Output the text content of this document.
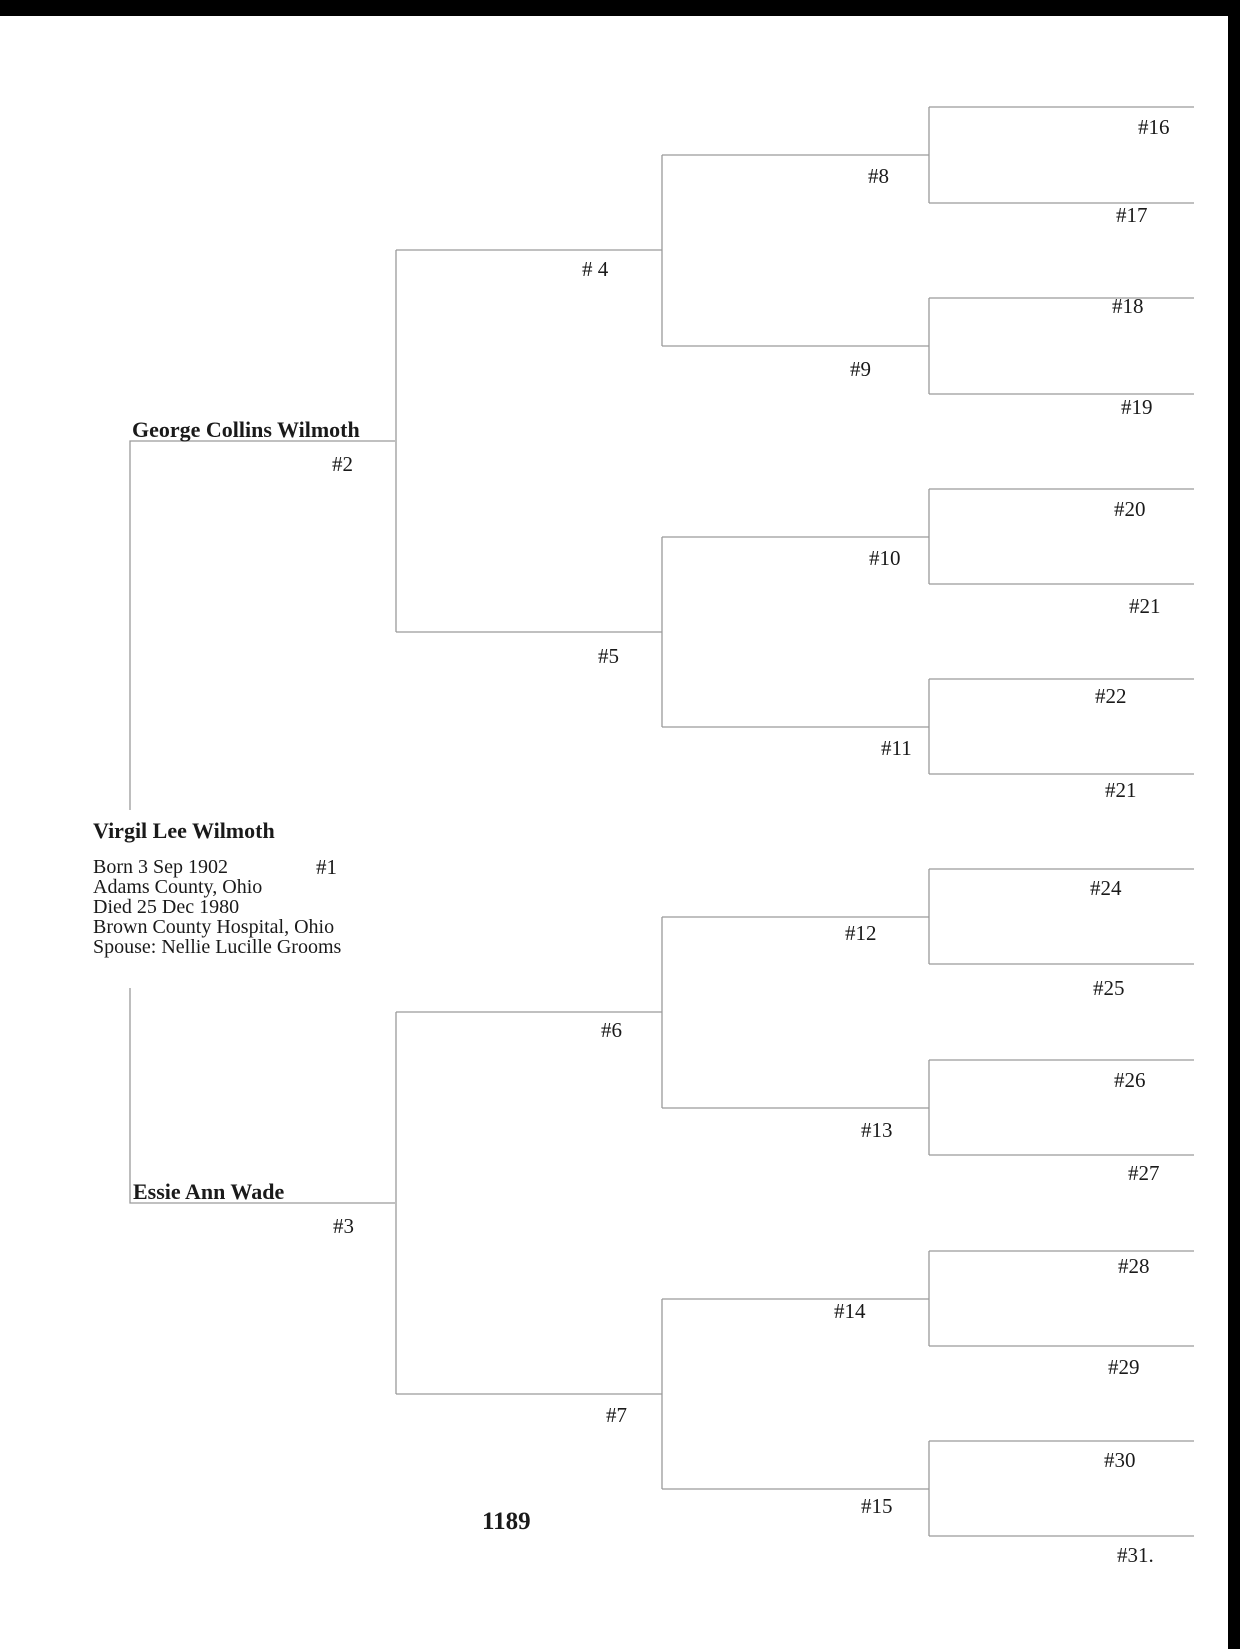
Virgil Lee Wilmoth
#1
Born 3 Sep 1902
Adams County, Ohio
Died 25 Dec 1980
Brown County Hospital, Ohio
Spouse: Nellie Lucille Grooms
George Collins Wilmoth
#2
Essie Ann Wade
#3
# 4
#5
#6
#7
#8
#9
#10
#11
#12
#13
#14
#15
#16
#17
#18
#19
#20
#21
#22
#21
#24
#25
#26
#27
#28
#29
#30
#31.
1189
